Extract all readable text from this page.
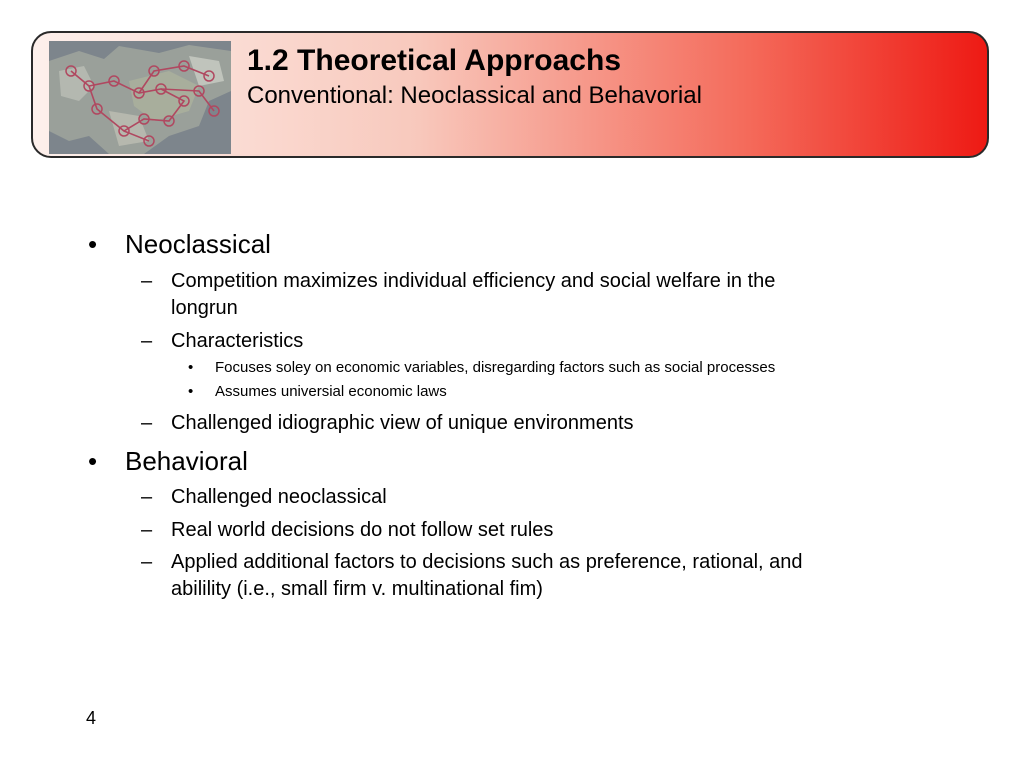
1.2 Theoretical Approachs
Conventional: Neoclassical and Behavorial
• Neoclassical
– Competition maximizes individual efficiency and social welfare in the
longrun
– Characteristics
• Focuses soley on economic variables, disregarding factors such as social processes
• Assumes universial economic laws
– Challenged idiographic view of unique environments
• Behavioral
– Challenged neoclassical
– Real world decisions do not follow set rules
– Applied additional factors to decisions such as preference, rational, and
abilility (i.e., small firm v. multinational fim)
4
